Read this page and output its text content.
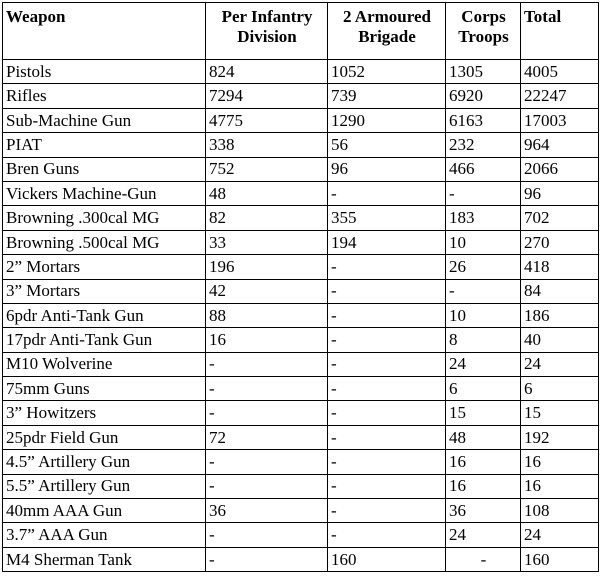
Weapon	Per Infantry Division	2 Armoured Brigade	Corps Troops	Total
Pistols	824	1052	1305	4005
Rifles	7294	739	6920	22247
Sub-Machine Gun	4775	1290	6163	17003
PIAT	338	56	232	964
Bren Guns	752	96	466	2066
Vickers Machine-Gun	48	-	-	96
Browning .300cal MG	82	355	183	702
Browning .500cal MG	33	194	10	270
2” Mortars	196	-	26	418
3” Mortars	42	-	-	84
6pdr Anti-Tank Gun	88	-	10	186
17pdr Anti-Tank Gun	16	-	8	40
M10 Wolverine	-	-	24	24
75mm Guns	-	-	6	6
3” Howitzers	-	-	15	15
25pdr Field Gun	72	-	48	192
4.5” Artillery Gun	-	-	16	16
5.5” Artillery Gun	-	-	16	16
40mm AAA Gun	36	-	36	108
3.7” AAA Gun	-	-	24	24
M4 Sherman Tank	-	160	-	160
